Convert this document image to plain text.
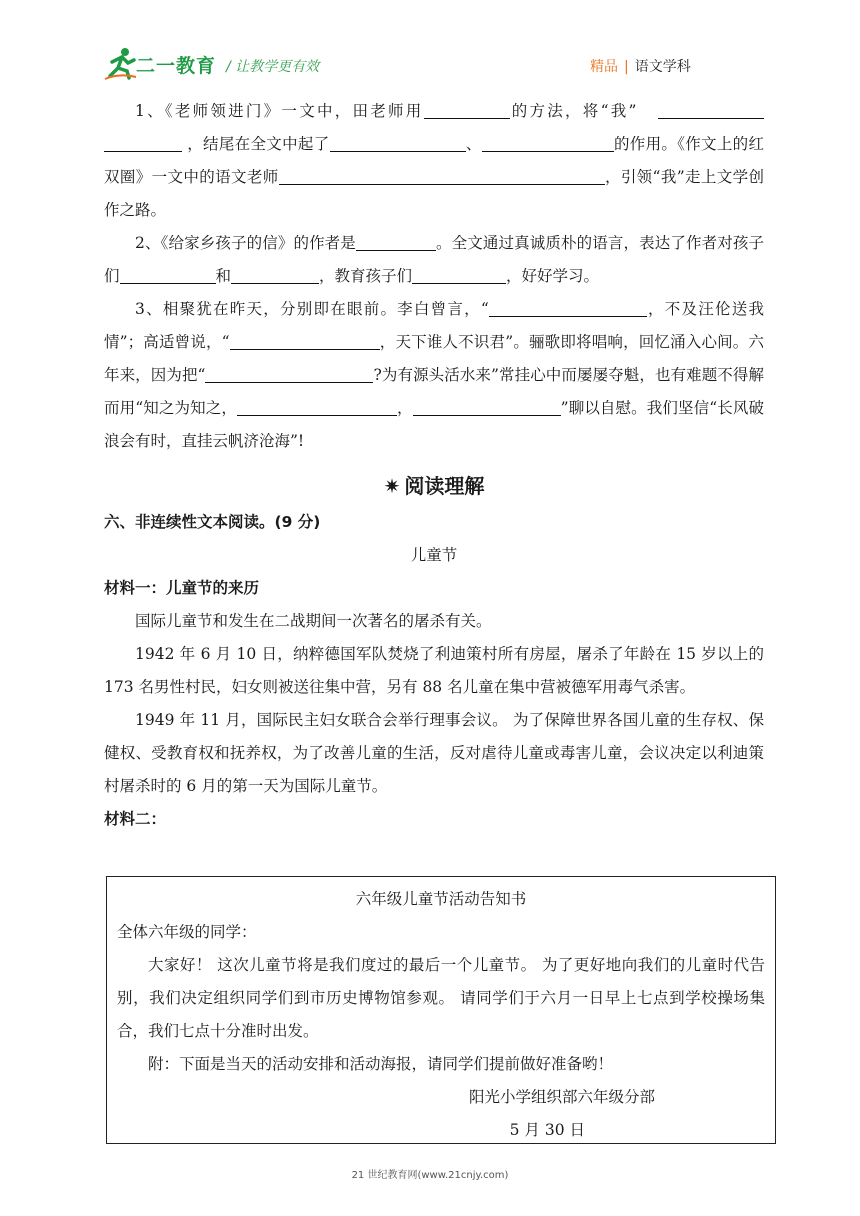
二一教育 / 让教学更有效	精品 | 语文学科

1、《老师领进门》一文中，田老师用	的方法，将“我”    ，结尾在全文中起了	、	的作用。《作文上的红双圈》一文中的语文老师	，引领“我”走上文学创作之路。

2、《给家乡孩子的信》的作者是	。全文通过真诚质朴的语言，表达了作者对孩子们	和	，教育孩子们	，好好学习。

3、相聚犹在昨天，分别即在眼前。李白曾言，“	，不及汪伦送我情”；高适曾说，“	，天下谁人不识君”。骊歌即将唱响，回忆涌入心间。六年来，因为把“	?为有源头活水来”常挂心中而屡屡夺魁，也有难题不得解而用“知之为知之，	，	”聊以自慰。我们坚信“长风破浪会有时，直挂云帆济沧海”!

✷ 阅读理解
六、非连续性文本阅读。(9 分)
儿童节
材料一：儿童节的来历

国际儿童节和发生在二战期间一次著名的屠杀有关。

1942 年 6 月 10 日，纳粹德国军队焚烧了利迪策村所有房屋，屠杀了年龄在 15 岁以上的 173 名男性村民，妇女则被送往集中营，另有 88 名儿童在集中营被德军用毒气杀害。

1949 年 11 月，国际民主妇女联合会举行理事会议。 为了保障世界各国儿童的生存权、保健权、受教育权和抚养权，为了改善儿童的生活，反对虐待儿童或毒害儿童，会议决定以利迪策村屠杀时的 6 月的第一天为国际儿童节。

材料二：
六年级儿童节活动告知书
全体六年级的同学：

大家好！ 这次儿童节将是我们度过的最后一个儿童节。 为了更好地向我们的儿童时代告别，我们决定组织同学们到市历史博物馆参观。 请同学们于六月一日早上七点到学校操场集合，我们七点十分准时出发。

附：下面是当天的活动安排和活动海报，请同学们提前做好准备哟！

阳光小学组织部六年级分部
5 月 30 日
21 世纪教育网(www.21cnjy.com)
